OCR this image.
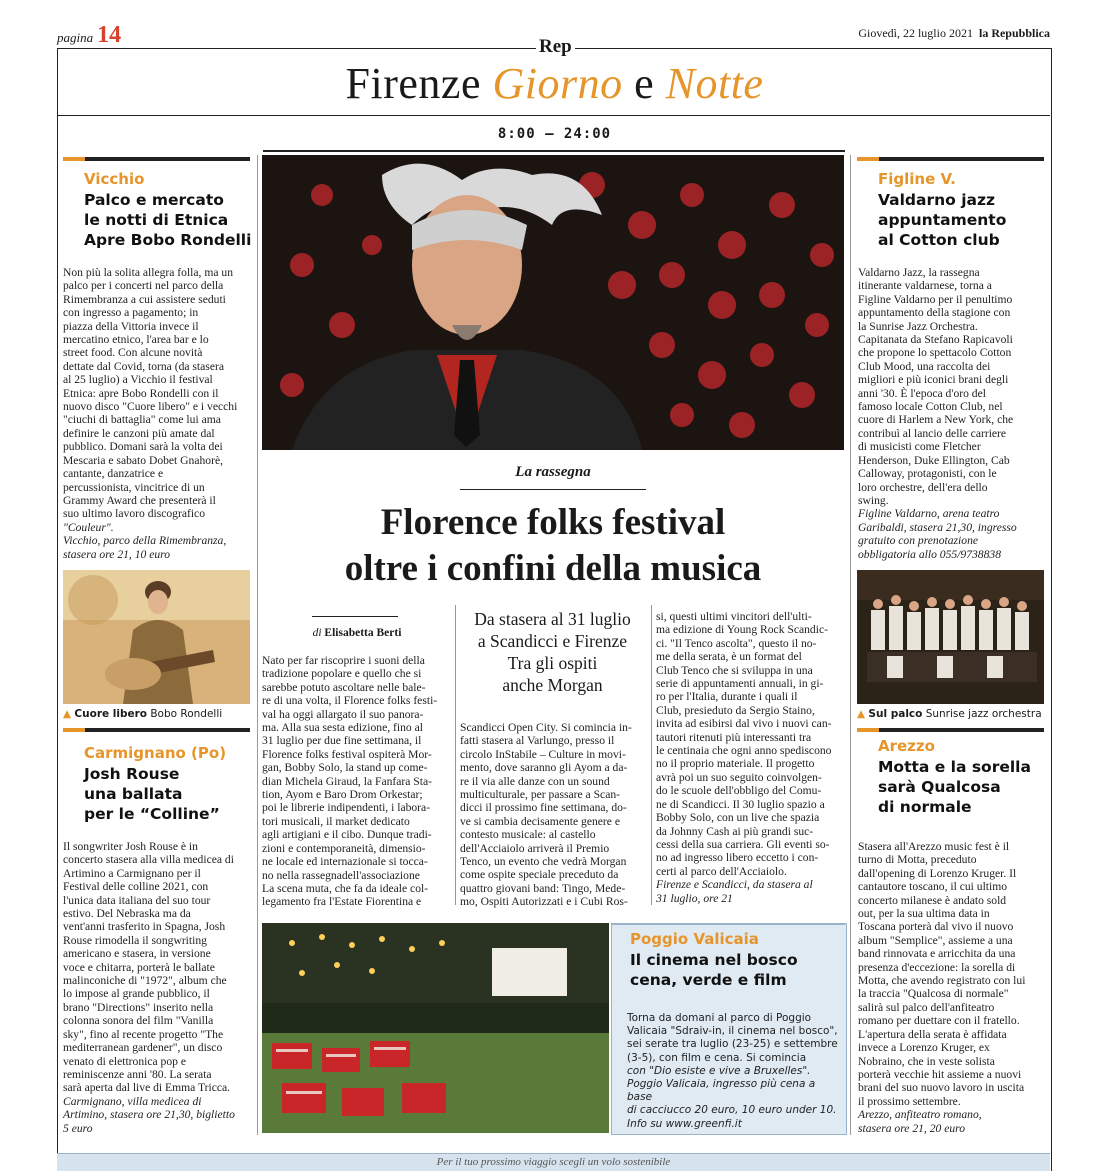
pagina 14	Giovedì, 22 luglio 2021 la Repubblica
Rep
Firenze Giorno e Notte
8:00 — 24:00
Vicchio
Palco e mercato
le notti di Etnica
Apre Bobo Rondelli
Non più la solita allegra folla, ma un
palco per i concerti nel parco della
Rimembranza a cui assistere seduti
con ingresso a pagamento; in
piazza della Vittoria invece il
mercatino etnico, l'area bar e lo
street food. Con alcune novità
dettate dal Covid, torna (da stasera
al 25 luglio) a Vicchio il festival
Etnica: apre Bobo Rondelli con il
nuovo disco "Cuore libero" e i vecchi
"ciuchi di battaglia" come lui ama
definire le canzoni più amate dal
pubblico. Domani sarà la volta dei
Mescaria e sabato Dobet Gnahorè,
cantante, danzatrice e
percussionista, vincitrice di un
Grammy Award che presenterà il
suo ultimo lavoro discografico
"Couleur".
Vicchio, parco della Rimembranza,
stasera ore 21, 10 euro
▲ Cuore libero Bobo Rondelli
Carmignano (Po)
Josh Rouse
una ballata
per le “Colline”
Il songwriter Josh Rouse è in
concerto stasera alla villa medicea di
Artimino a Carmignano per il
Festival delle colline 2021, con
l'unica data italiana del suo tour
estivo. Del Nebraska ma da
vent'anni trasferito in Spagna, Josh
Rouse rimodella il songwriting
americano e stasera, in versione
voce e chitarra, porterà le ballate
malinconiche di "1972", album che
lo impose al grande pubblico, il
brano "Directions" inserito nella
colonna sonora del film "Vanilla
sky", fino al recente progetto "The
mediterranean gardener", un disco
venato di elettronica pop e
reminiscenze anni '80. La serata
sarà aperta dal live di Emma Tricca.
Carmignano, villa medicea di
Artimino, stasera ore 21,30, biglietto
5 euro
La rassegna
Florence folks festival
oltre i confini della musica
di Elisabetta Berti
Da stasera al 31 luglio
a Scandicci e Firenze
Tra gli ospiti
anche Morgan
Nato per far riscoprire i suoni della
tradizione popolare e quello che si
sarebbe potuto ascoltare nelle bale-
re di una volta, il Florence folks festi-
val ha oggi allargato il suo panora-
ma. Alla sua sesta edizione, fino al
31 luglio per due fine settimana, il
Florence folks festival ospiterà Mor-
gan, Bobby Solo, la stand up come-
dian Michela Giraud, la Fanfara Sta-
tion, Ayom e Baro Drom Orkestar;
poi le librerie indipendenti, i labora-
tori musicali, il market dedicato
agli artigiani e il cibo. Dunque tradi-
zioni e contemporaneità, dimensio-
ne locale ed internazionale si tocca-
no nella rassegnadell'associazione
La scena muta, che fa da ideale col-
legamento fra l'Estate Fiorentina e
Scandicci Open City. Si comincia in-
fatti stasera al Varlungo, presso il
circolo InStabile – Culture in movi-
mento, dove saranno gli Ayom a da-
re il via alle danze con un sound
multiculturale, per passare a Scan-
dicci il prossimo fine settimana, do-
ve si cambia decisamente genere e
contesto musicale: al castello
dell'Acciaiolo arriverà il Premio
Tenco, un evento che vedrà Morgan
come ospite speciale preceduto da
quattro giovani band: Tingo, Mede-
mo, Ospiti Autorizzati e i Cubi Ros-
si, questi ultimi vincitori dell'ulti-
ma edizione di Young Rock Scandic-
ci. "Il Tenco ascolta", questo il no-
me della serata, è un format del
Club Tenco che si sviluppa in una
serie di appuntamenti annuali, in gi-
ro per l'Italia, durante i quali il
Club, presieduto da Sergio Staino,
invita ad esibirsi dal vivo i nuovi can-
tautori ritenuti più interessanti tra
le centinaia che ogni anno spediscono
no il proprio materiale. Il progetto
avrà poi un suo seguito coinvolgen-
do le scuole dell'obbligo del Comu-
ne di Scandicci. Il 30 luglio spazio a
Bobby Solo, con un live che spazia
da Johnny Cash ai più grandi suc-
cessi della sua carriera. Gli eventi so-
no ad ingresso libero eccetto i con-
certi al parco dell'Acciaiolo.
Firenze e Scandicci, da stasera al
31 luglio, ore 21
Poggio Valicaia
Il cinema nel bosco
cena, verde e film
Torna da domani al parco di Poggio
Valicaia "Sdraiv-in, il cinema nel bosco",
sei serate tra luglio (23-25) e settembre
(3-5), con film e cena. Si comincia
con "Dio esiste e vive a Bruxelles".
Poggio Valicaia, ingresso più cena a base
di cacciucco 20 euro, 10 euro under 10.
Info su www.greenfi.it
Figline V.
Valdarno jazz
appuntamento
al Cotton club
Valdarno Jazz, la rassegna
itinerante valdarnese, torna a
Figline Valdarno per il penultimo
appuntamento della stagione con
la Sunrise Jazz Orchestra.
Capitanata da Stefano Rapicavoli
che propone lo spettacolo Cotton
Club Mood, una raccolta dei
migliori e più iconici brani degli
anni '30. È l'epoca d'oro del
famoso locale Cotton Club, nel
cuore di Harlem a New York, che
contribuì al lancio delle carriere
di musicisti come Fletcher
Henderson, Duke Ellington, Cab
Calloway, protagonisti, con le
loro orchestre, dell'era dello
swing.
Figline Valdarno, arena teatro
Garibaldi, stasera 21,30, ingresso
gratuito con prenotazione
obbligatoria allo 055/9738838
▲ Sul palco Sunrise jazz orchestra
Arezzo
Motta e la sorella
sarà Qualcosa
di normale
Stasera all'Arezzo music fest è il
turno di Motta, preceduto
dall'opening di Lorenzo Kruger. Il
cantautore toscano, il cui ultimo
concerto milanese è andato sold
out, per la sua ultima data in
Toscana porterà dal vivo il nuovo
album "Semplice", assieme a una
band rinnovata e arricchita da una
presenza d'eccezione: la sorella di
Motta, che avendo registrato con lui
la traccia "Qualcosa di normale"
salirà sul palco dell'anfiteatro
romano per duettare con il fratello.
L'apertura della serata è affidata
invece a Lorenzo Kruger, ex
Nobraino, che in veste solista
porterà vecchie hit assieme a nuovi
brani del suo nuovo lavoro in uscita
il prossimo settembre.
Arezzo, anfiteatro romano,
stasera ore 21, 20 euro
Per il tuo prossimo viaggio scegli un volo sostenibile
